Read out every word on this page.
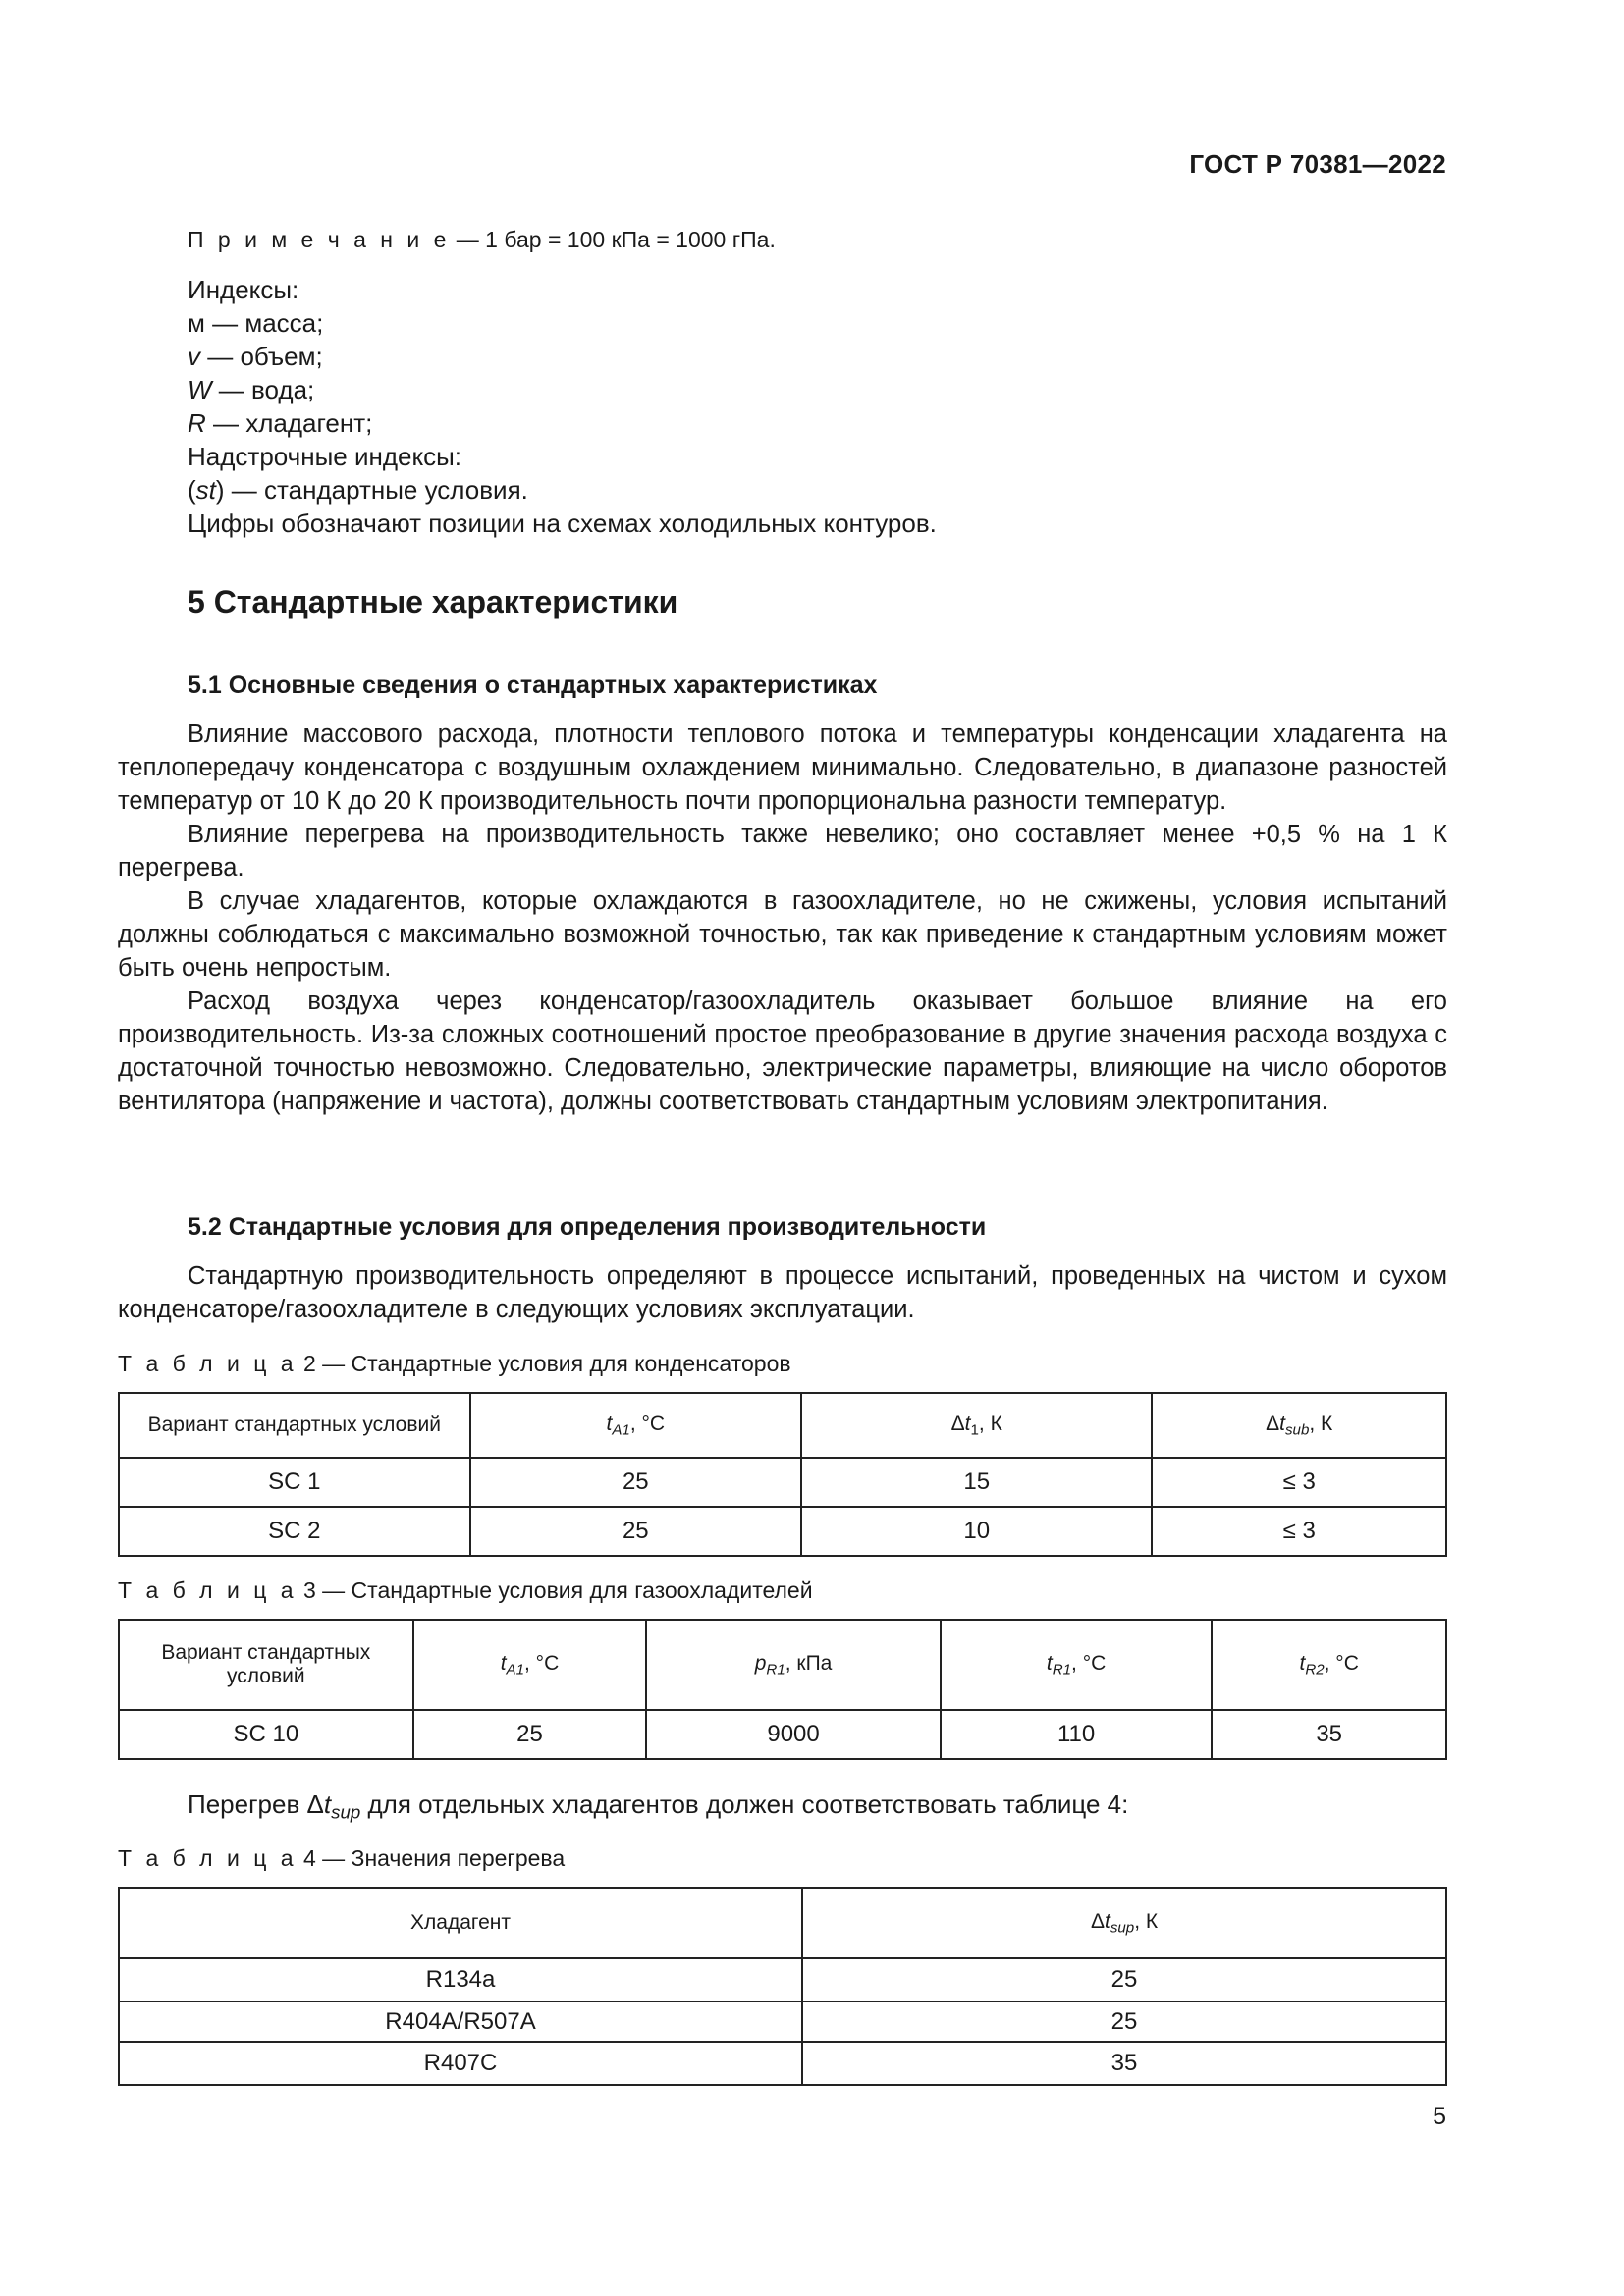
ГОСТ Р 70381—2022
П р и м е ч а н и е — 1 бар = 100 кПа = 1000 гПа.
Индексы:
м — масса;
v — объем;
W — вода;
R — хладагент;
Надстрочные индексы:
(st) — стандартные условия.
Цифры обозначают позиции на схемах холодильных контуров.
5 Стандартные характеристики
5.1 Основные сведения о стандартных характеристиках

Влияние массового расхода, плотности теплового потока и температуры конденсации хладагента на теплопередачу конденсатора с воздушным охлаждением минимально. Следовательно, в диапазоне разностей температур от 10 К до 20 К производительность почти пропорциональна разности температур.

Влияние перегрева на производительность также невелико; оно составляет менее +0,5 % на 1 К перегрева.

В случае хладагентов, которые охлаждаются в газоохладителе, но не сжижены, условия испытаний должны соблюдаться с максимально возможной точностью, так как приведение к стандартным условиям может быть очень непростым.

Расход воздуха через конденсатор/газоохладитель оказывает большое влияние на его производительность. Из-за сложных соотношений простое преобразование в другие значения расхода воздуха с достаточной точностью невозможно. Следовательно, электрические параметры, влияющие на число оборотов вентилятора (напряжение и частота), должны соответствовать стандартным условиям электропитания.

5.2 Стандартные условия для определения производительности

Стандартную производительность определяют в процессе испытаний, проведенных на чистом и сухом конденсаторе/газоохладителе в следующих условиях эксплуатации.

Т а б л и ц а 2 — Стандартные условия для конденсаторов
Вариант стандартных условий	$t_{A1}$, °C	$\Delta t_1$, К	$\Delta t_{sub}$, К
SC 1	25	15	≤ 3
SC 2	25	10	≤ 3
Т а б л и ц а 3 — Стандартные условия для газоохладителей
Вариант стандартных условий	$t_{A1}$, °C	$p_{R1}$, кПа	$t_{R1}$, °C	$t_{R2}$, °C
SC 10	25	9000	110	35
Перегрев $\Delta t_{sup}$ для отдельных хладагентов должен соответствовать таблице 4:
Т а б л и ц а 4 — Значения перегрева
Хладагент	$\Delta t_{sup}$, К
R134a	25
R404A/R507A	25
R407C	35
5
